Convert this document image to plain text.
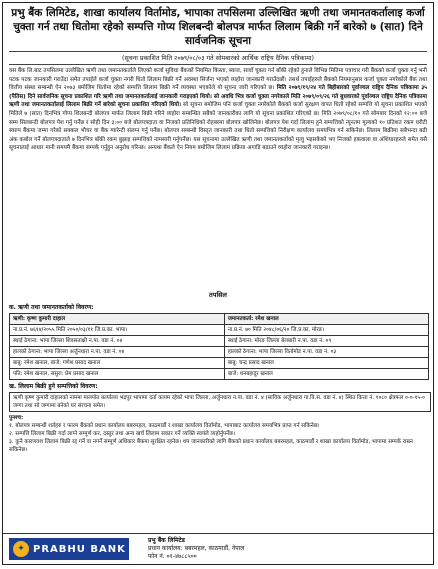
प्रभु बैंक लिमिटेड, शाखा कार्यालय विर्तामोड, भापाका तपसिलमा उल्लिखित ऋणी तथा जमानतकर्तालाइ कर्जा चुक्ता गर्न तथा धितोमा रहेको सम्पत्ति गोप्य शिलबन्दी बोलपत्र मार्फत लिलाम बिक्री गर्ने बारेको ७ (सात) दिने सार्वजनिक सूचना
(सूचना प्रकाशित मिति २०७९/०८/०३ गते सोमबारको आर्थिक राष्ट्रिय दैनिक पत्रिकामा)
यस बैंक लि.बाट तपसिलमा उल्लेखित ऋणी तथा जमानतकर्ताले लिएको कर्जा सुविधा बैंकको नियमित किस्ता, ब्याज, सावाँ चुक्ता गर्न बाँकी रहेको हुनाले विभिन्न मितिमा पत्राचार गरी बैंकको कर्जा चुक्ता गर्नु भनी पटक पटक जानकारी गराउँदा समेत तपाईले कर्जा चुक्ता नगरी धितो लिलाम बिक्री गर्ने अवस्था सिर्जना भएको व्यहोरा जानकारी गराउँदछौं। तसर्थ तपाईहरुले बैंकको नियमानुसार कर्जा चुक्ता नगरेकोले बैंक तथा वित्तीय संस्था सम्बन्धी ऐन २०७३ बमोजिम धितोमा रहेको सम्पत्ति लिलाम बिक्री गर्ने व्यवस्था भएकोले यो सूचना जारी गरिएको छ। मिति २०७९/१९/२४ गते बिहीबारको पूर्वाञ्चल राष्ट्रिय दैनिक पत्रिकामा ३५ (पैतिस) दिने सार्वजनिक सूचना प्रकाशित गरि ऋणी तथा जमानतकर्तालाई जानकारी गराइएको थियो। सो अवधि भित्र कर्जा चुक्ता नगरेकाले मिति २०७९/०९/२६ गते बुधवारको पूर्वाञ्चल राष्ट्रिय दैनिक पत्रिकामा ऋणी तथा जमानतकर्तालाई लिलाम बिक्री गर्ने बारेको सूचना प्रकाशित गरिएको थियो। सो सूचना बमोजिम पनि कर्जा चुक्ता नगरेकोले बैंकको कर्जा सुरक्षण वापत धितो रहेको सम्पत्ति यो सूचना प्रकाशित भएको मितिले ७ (सात) दिनभित्र गोप्य शिलबन्दी बोलपत्र मार्फत लिलाम बिक्री गरिने व्यहोरा सम्बन्धित सबैको जानकारीका लागि यो सूचना प्रकाशित गरिएको छ। मिति २०७९/०८/१० गते सोमबार दिनको १२:०० बजे सम्म सिलबन्दी बोलपत्र पेश गर्नु पर्नेछ र सोही दिन ३:०० बजे बोलपत्रदाता वा निजको प्रतिनिधिको रोहबरमा बोलपत्र खोलिनेछ। बोलपत्र पेश गर्दा लिलाम हुने सम्पत्तिको न्यूनतम मूल्यको १० प्रतिशत रकम धरौटी स्वरुप बैंकमा जम्मा गरेको सक्कल भौचर वा बैंक ग्यारेन्टी संलग्न गर्नु पर्नेछ। बोलपत्र सम्बन्धी विस्तृत जानकारी तथा धितो सम्पत्तिको निरीक्षण कार्यालय समयभित्र गर्न सकिनेछ। लिलाम बिक्रीमा सबैभन्दा बढी अंक कबोल गर्ने बोलपत्रदाताले ७ दिनभित्र बाँकी रकम बुझाइ सम्पत्तिको नामसारी गर्नुपर्नेछ। यस सूचनामा उल्लेखित ऋणी तथा जमानतकर्ताको मृत्यु भइसकेको भए निजको हकवाला वा अंशियारहरुले समेत यसै सूचनालाई आधार मानी समयमै बैंकमा सम्पर्क गर्नुहुन अनुरोध गरिन्छ। अन्यथा बैंकले ऐन नियम बमोजिम लिलाम प्रक्रिया अगाडि बढाउने व्यहोरा जानकारी गराइन्छ।
तपसिल
क. ऋणी तथा जमानतकर्ताको विवरण:
ऋणी: कृष्ण कुमारी दाहाल	जमानतकर्ता: रमेश खनाल
ना.प्र.नं. ७६१४/२०५५ मिति २०५०/०३/११ जि.प्र.का. भापा।	ना.प्र.नं. ७० मिति २०४८/०६/२० जि.प्र.का. मोरङ।
स्थाई ठेगाना: भापा जिल्ला शिवसताक्षी न.पा. वडा नं. ०४	स्थाई ठेगाना: मोरङ जिल्ला बेलबारी न.पा. वडा नं. ०९
हालको ठेगाना: भापा जिल्ला अर्जुनधारा न.पा. वडा नं. ०४	हालको ठेगाना: भापा जिल्ला विर्तामोड न.पा. वडा नं. ०३
बाबु: रमेश खनाल, बाजे: गणेश प्रसाद खनाल	बाबु: चन्द्र प्रसाद खनाल
पति: रमेश खनाल, ससुरा: प्रेम प्रसाद खनाल	बाजे: धनबहादुर खनाल
ख. लिलाम बिक्री हुने सम्पत्तिको विवरण:
ऋणी कृष्ण कुमारी दाहालको नाममा मालपोत कार्यालय भद्रपुर भापामा दर्ता कायम रहेको भापा जिल्ला, अर्जुनधारा न.पा. वडा नं. ४ (साविक अर्जुनधारा गा.वि.स. वडा नं. ४) स्थित कित्ता नं. १०८० क्षेत्रफल ०-०-१५-० जग्गा तथा सो जग्गामा बनेको घर संरचना समेत।
पुनश्च:
१. बोलपत्र सम्बन्धी शर्तहरु र फारम बैंकको प्रधान कार्यालय बबरमहल, काठमाडौं र शाखा कार्यालय विर्तामोड, भापाबाट कार्यालय समयभित्र प्राप्त गर्न सकिनेछ।
२. सम्पत्ति लिलाम बिक्री गर्दा लाग्ने सम्पूर्ण कर, दस्तुर तथा अन्य खर्च लिलाम सकार गर्ने व्यक्ति स्वयंले व्यहोर्नुपर्नेछ।
३. कुनै कारणवश लिलाम बिक्री रद्द गर्ने वा नगर्ने सम्पूर्ण अधिकार बैंकमा सुरक्षित रहनेछ। थप जानकारीको लागि बैंकको प्रधान कार्यालय बबरमहल, काठमाडौं र शाखा कार्यालय विर्तामोड, भापामा सम्पर्क राख्न सकिनेछ।
✦ PRABHU BANK
प्रभु बैंक लिमिटेड
प्रधान कार्यालय: बबरमहल, काठमाडौं, नेपाल
फोन नं. ०१-४७८८५००
